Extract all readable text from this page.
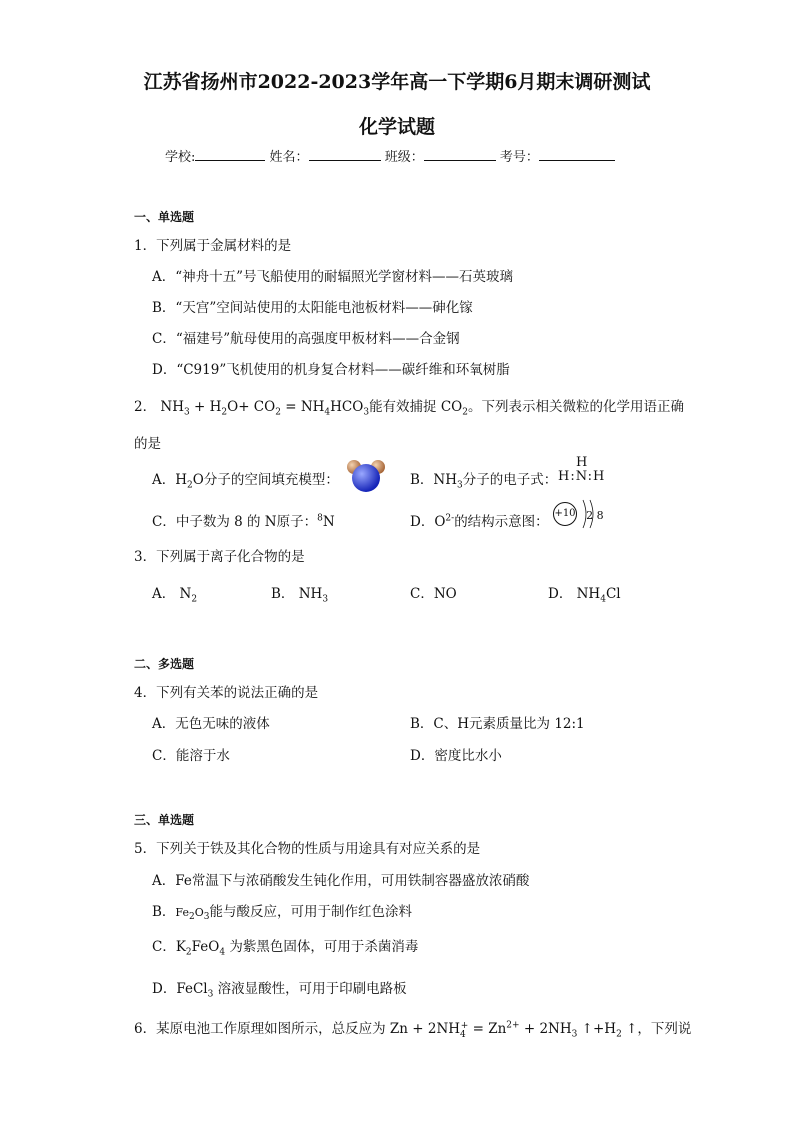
江苏省扬州市2022-2023学年高一下学期6月期末调研测试
化学试题
学校:	姓名：	班级：	考号：
一、单选题
1．下列属于金属材料的是
A．“神舟十五”号飞船使用的耐辐照光学窗材料——石英玻璃
B．“天宫”空间站使用的太阳能电池板材料——砷化镓
C．“福建号”航母使用的高强度甲板材料——合金钢
D．“C919”飞机使用的机身复合材料——碳纤维和环氧树脂
2． $NH_3 + H_2O+ CO_2 = NH_4HCO_3$能有效捕捉 $CO_2$。下列表示相关微粒的化学用语正确
的是
A．$H_2O$分子的空间填充模型：	B．$NH_3$分子的电子式：
H
H:N:H
C．中子数为 8 的 N原子：$^8$N	D．$O^{2-}$的结构示意图：
+10 2 8
3．下列属于离子化合物的是
A． $N_2$	B． $NH_3$	C．NO	D． $NH_4Cl$
二、多选题
4．下列有关苯的说法正确的是
A．无色无味的液体	B．C、H元素质量比为 12:1
C．能溶于水	D．密度比水小
三、单选题
5．下列关于铁及其化合物的性质与用途具有对应关系的是
A．Fe常温下与浓硝酸发生钝化作用，可用铁制容器盛放浓硝酸
B．$Fe_2O_3$能与酸反应，可用于制作红色涂料
C．$K_2FeO_4$ 为紫黑色固体，可用于杀菌消毒
D．FeCl$_3$ 溶液显酸性，可用于印刷电路板
6．某原电池工作原理如图所示，总反应为 $Zn + 2NH_4^+ = Zn^{2+} + 2NH_3$ $↑+H_2$ ↑，下列说
